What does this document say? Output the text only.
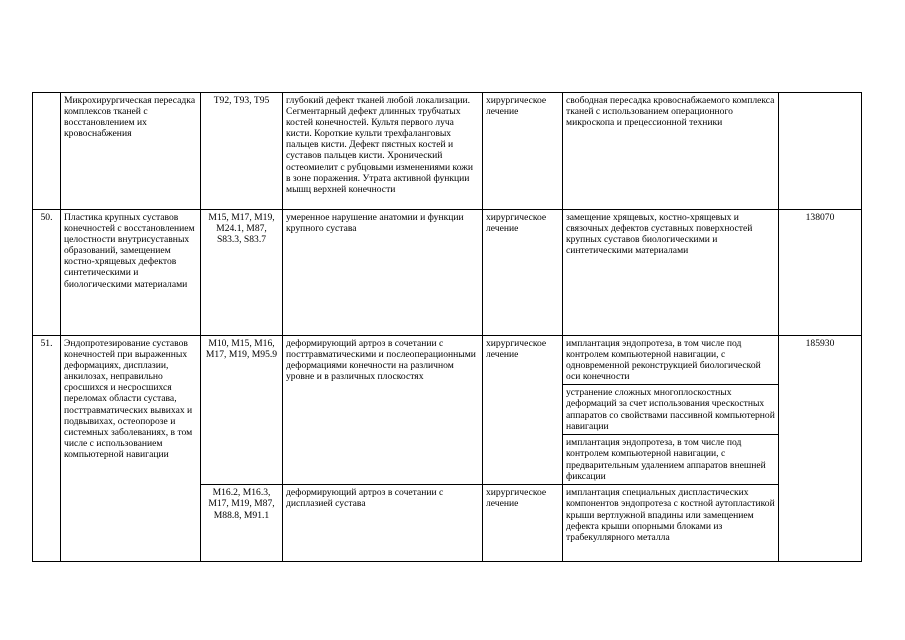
	Микрохирургическая пересадка комплексов тканей с восстановлением их кровоснабжения	T92, T93, T95	глубокий дефект тканей любой локализации. Сегментарный дефект длинных трубчатых костей конечностей. Культя первого луча кисти. Короткие культи трехфаланговых пальцев кисти. Дефект пястных костей и суставов пальцев кисти. Хронический остеомиелит с рубцовыми изменениями кожи в зоне поражения. Утрата активной функции мышц верхней конечности	хирургическое лечение	свободная пересадка кровоснабжаемого комплекса тканей с использованием операционного микроскопа и прецессионной техники	
50.	Пластика крупных суставов конечностей с восстановлением целостности внутрисуставных образований, замещением костно-хрящевых дефектов синтетическими и биологическими материалами	M15, M17, M19, M24.1, M87, S83.3, S83.7	умеренное нарушение анатомии и функции крупного сустава	хирургическое лечение	замещение хрящевых, костно-хрящевых и связочных дефектов суставных поверхностей крупных суставов биологическими и синтетическими материалами	138070
51.	Эндопротезирование суставов конечностей при выраженных деформациях, дисплазии, анкилозах, неправильно сросшихся и несросшихся переломах области сустава, посттравматических вывихах и подвывихах, остеопорозе и системных заболеваниях, в том числе с использованием компьютерной навигации	M10, M15, M16, M17, M19, M95.9	деформирующий артроз в сочетании с посттравматическими и послеоперационными деформациями конечности на различном уровне и в различных плоскостях	хирургическое лечение	имплантация эндопротеза, в том числе под контролем компьютерной навигации, с одновременной реконструкцией биологической оси конечности	185930
					устранение сложных многоплоскостных деформаций за счет использования чрескостных аппаратов со свойствами пассивной компьютерной навигации	
					имплантация эндопротеза, в том числе под контролем компьютерной навигации, с предварительным удалением аппаратов внешней фиксации	
		M16.2, M16.3, M17, M19, M87, M88.8, M91.1	деформирующий артроз в сочетании с дисплазией сустава	хирургическое лечение	имплантация специальных диспластических компонентов эндопротеза с костной аутопластикой крыши вертлужной впадины или замещением дефекта крыши опорными блоками из трабекуллярного металла	
